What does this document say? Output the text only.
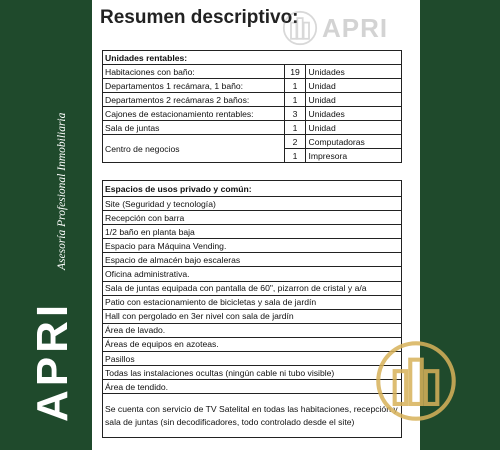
APRI
Asesoría Profesional Inmobiliaria
Resumen descriptivo: APRI
Unidades rentables:		
Habitaciones con baño:	19	Unidades
Departamentos 1 recámara, 1 baño:	1	Unidad
Departamentos 2 recámaras 2 baños:	1	Unidad
Cajones de estacionamiento rentables:	3	Unidades
Sala de juntas	1	Unidad
Centro de negocios	2	Computadoras
	1	Impresora
Espacios de usos privado y común:
Site (Seguridad y tecnología)
Recepción con barra
1/2 baño en planta baja
Espacio para Máquina Vending.
Espacio de almacén bajo escaleras
Oficina administrativa.
Sala de juntas equipada con pantalla de 60", pizarron de cristal y a/a
Patio con estacionamiento de bicicletas y sala de jardín
Hall con pergolado en 3er nivel con sala de jardín
Área de lavado.
Áreas de equipos en azoteas.
Pasillos
Todas las instalaciones ocultas (ningún cable ni tubo visible)
Área de tendido.
Se cuenta con servicio de TV Satelital en todas las habitaciones, recepción y sala de juntas (sin decodificadores, todo controlado desde el site)
